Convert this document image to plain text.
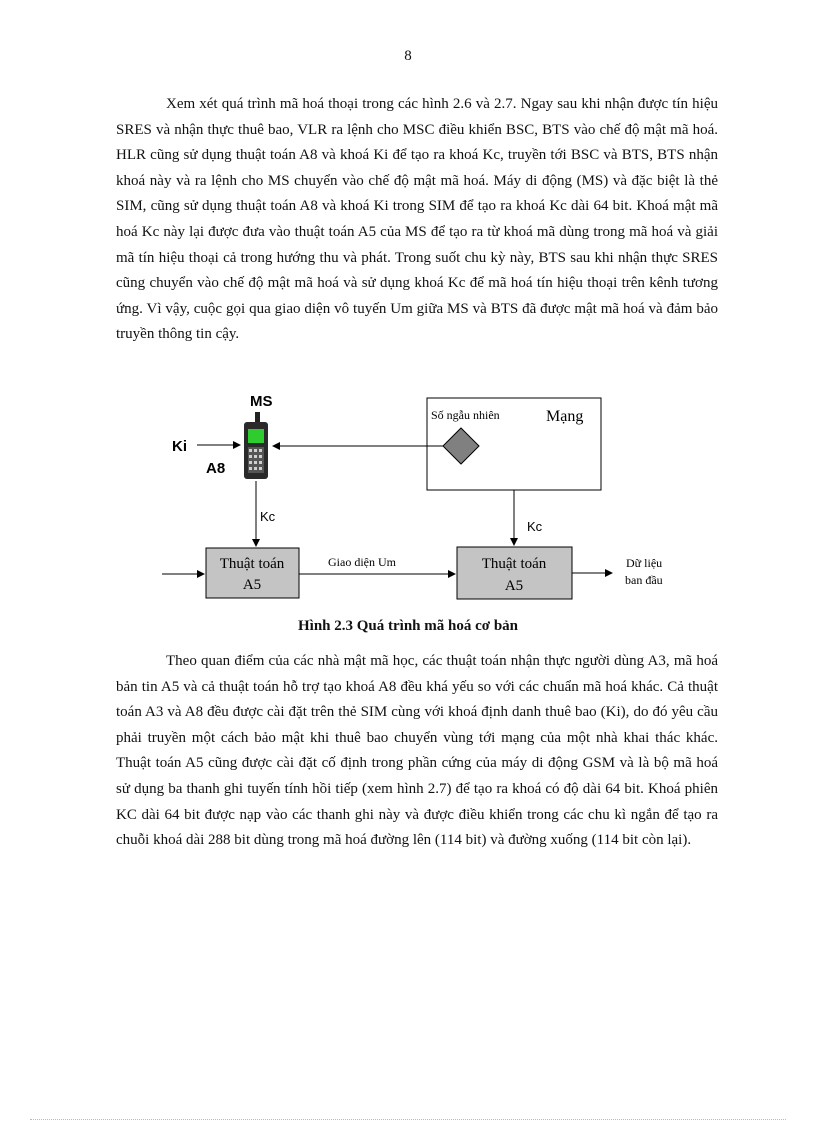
8

Xem xét quá trình mã hoá thoại trong các hình 2.6 và 2.7. Ngay sau khi nhận được tín hiệu SRES và nhận thực thuê bao, VLR ra lệnh cho MSC điều khiển BSC, BTS vào chế độ mật mã hoá. HLR cũng sử dụng thuật toán A8 và khoá Ki để tạo ra khoá Kc, truyền tới BSC và BTS, BTS nhận khoá này và ra lệnh cho MS chuyển vào chế độ mật mã hoá. Máy di động (MS) và đặc biệt là thẻ SIM, cũng sử dụng thuật toán A8 và khoá Ki trong SIM để tạo ra khoá Kc dài 64 bit. Khoá mật mã hoá Kc này lại được đưa vào thuật toán A5 của MS để tạo ra từ khoá mã dùng trong mã hoá và giải mã tín hiệu thoại cả trong hướng thu và phát. Trong suốt chu kỳ này, BTS sau khi nhận thực SRES cũng chuyển vào chế độ mật mã hoá và sử dụng khoá Kc để mã hoá tín hiệu thoại trên kênh tương ứng. Vì vậy, cuộc gọi qua giao diện vô tuyến Um giữa MS và BTS đã được mật mã hoá và đảm bảo truyền thông tin cậy.

MS
Ki
A8
Số ngẫu nhiên	Mạng
Kc
Kc
Thuật toán
A5
Giao diện Um	Thuật toán
A5
Dữ liệu
ban đầu
Hình 2.3 Quá trình mã hoá cơ bản

Theo quan điểm của các nhà mật mã học, các thuật toán nhận thực người dùng A3, mã hoá bản tin A5 và cả thuật toán hỗ trợ tạo khoá A8 đều khá yếu so với các chuẩn mã hoá khác. Cả thuật toán A3 và A8 đều được cài đặt trên thẻ SIM cùng với khoá định danh thuê bao (Ki), do đó yêu cầu phải truyền một cách bảo mật khi thuê bao chuyển vùng tới mạng của một nhà khai thác khác. Thuật toán A5 cũng được cài đặt cố định trong phần cứng của máy di động GSM và là bộ mã hoá sử dụng ba thanh ghi tuyến tính hồi tiếp (xem hình 2.7) để tạo ra khoá có độ dài 64 bit. Khoá phiên KC dài 64 bit được nạp vào các thanh ghi này và được điều khiển trong các chu kì ngắn để tạo ra chuỗi khoá dài 288 bit dùng trong mã hoá đường lên (114 bit) và đường xuống (114 bit còn lại).
